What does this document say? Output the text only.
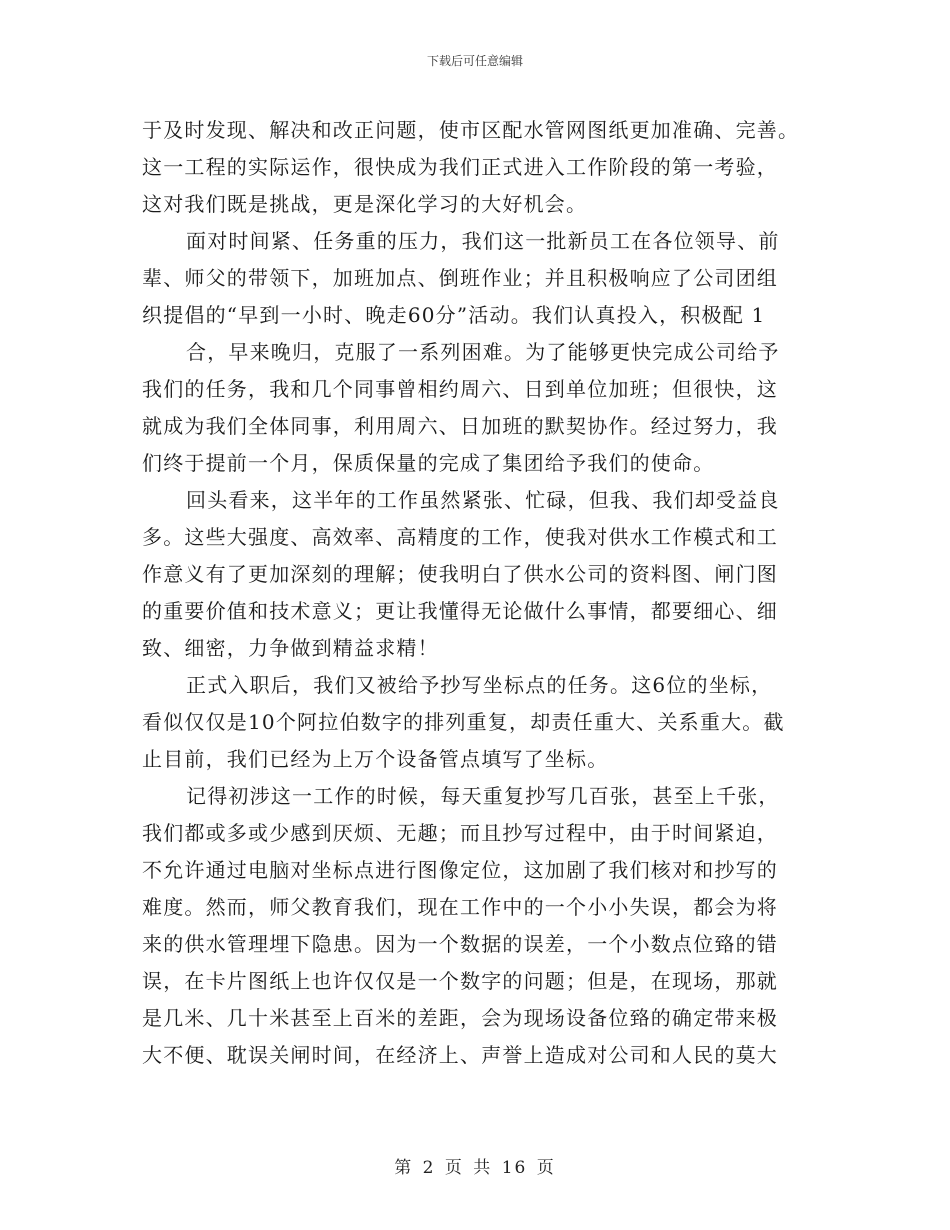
下载后可任意编辑
于及时发现、解决和改正问题，使市区配水管网图纸更加准确、完善。
这一工程的实际运作，很快成为我们正式进入工作阶段的第一考验，
这对我们既是挑战，更是深化学习的大好机会。
面对时间紧、任务重的压力，我们这一批新员工在各位领导、前
辈、师父的带领下，加班加点、倒班作业；并且积极响应了公司团组
织提倡的“早到一小时、晚走60分”活动。我们认真投入，积极配 1
合，早来晚归，克服了一系列困难。为了能够更快完成公司给予
我们的任务，我和几个同事曾相约周六、日到单位加班；但很快，这
就成为我们全体同事，利用周六、日加班的默契协作。经过努力，我
们终于提前一个月，保质保量的完成了集团给予我们的使命。
回头看来，这半年的工作虽然紧张、忙碌，但我、我们却受益良
多。这些大强度、高效率、高精度的工作，使我对供水工作模式和工
作意义有了更加深刻的理解；使我明白了供水公司的资料图、闸门图
的重要价值和技术意义；更让我懂得无论做什么事情，都要细心、细
致、细密，力争做到精益求精！
正式入职后，我们又被给予抄写坐标点的任务。这6位的坐标，
看似仅仅是10个阿拉伯数字的排列重复，却责任重大、关系重大。截
止目前，我们已经为上万个设备管点填写了坐标。
记得初涉这一工作的时候，每天重复抄写几百张，甚至上千张，
我们都或多或少感到厌烦、无趣；而且抄写过程中，由于时间紧迫，
不允许通过电脑对坐标点进行图像定位，这加剧了我们核对和抄写的
难度。然而，师父教育我们，现在工作中的一个小小失误，都会为将
来的供水管理埋下隐患。因为一个数据的误差，一个小数点位臵的错
误，在卡片图纸上也许仅仅是一个数字的问题；但是，在现场，那就
是几米、几十米甚至上百米的差距，会为现场设备位臵的确定带来极
大不便、耽误关闸时间，在经济上、声誉上造成对公司和人民的莫大
第 2 页 共 16 页
